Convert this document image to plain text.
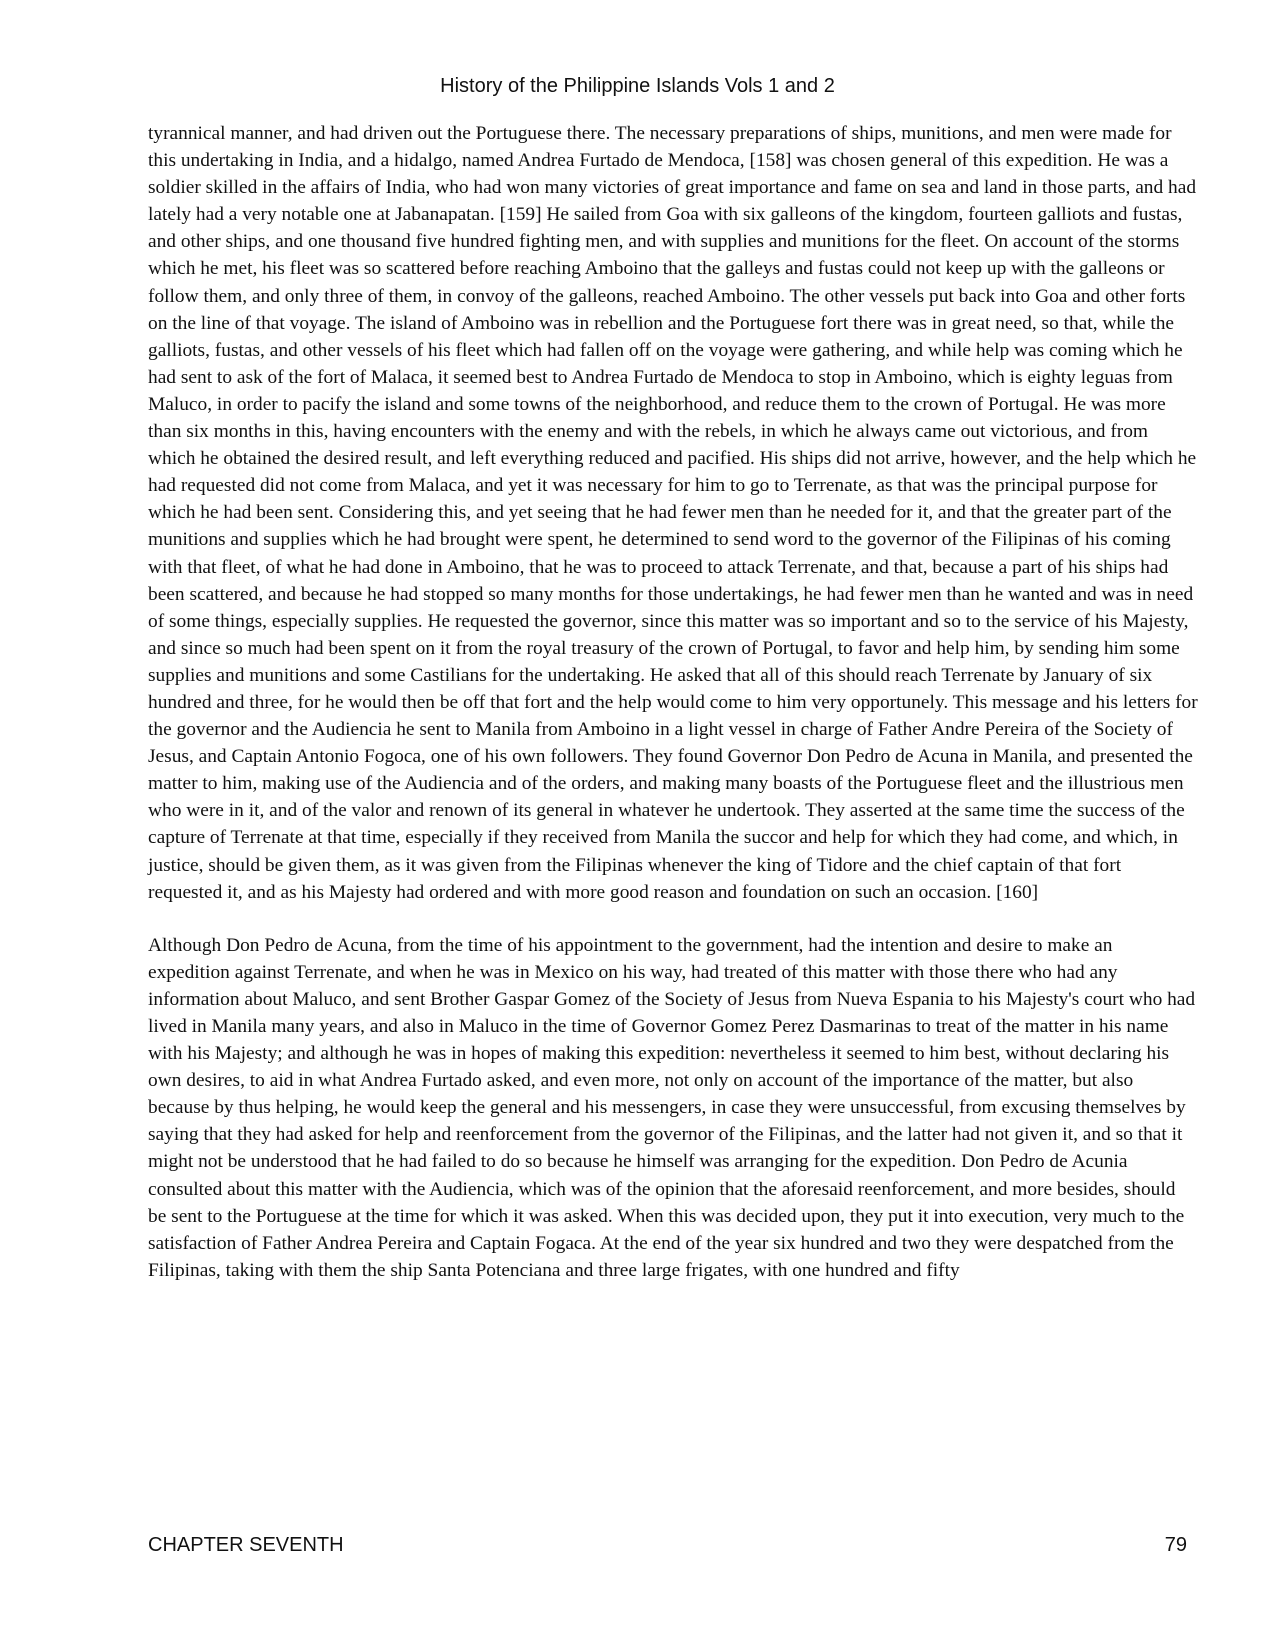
History of the Philippine Islands Vols 1 and 2

tyrannical manner, and had driven out the Portuguese there. The necessary preparations of ships, munitions, and men were made for this undertaking in India, and a hidalgo, named Andrea Furtado de Mendoca, [158] was chosen general of this expedition. He was a soldier skilled in the affairs of India, who had won many victories of great importance and fame on sea and land in those parts, and had lately had a very notable one at Jabanapatan. [159] He sailed from Goa with six galleons of the kingdom, fourteen galliots and fustas, and other ships, and one thousand five hundred fighting men, and with supplies and munitions for the fleet. On account of the storms which he met, his fleet was so scattered before reaching Amboino that the galleys and fustas could not keep up with the galleons or follow them, and only three of them, in convoy of the galleons, reached Amboino. The other vessels put back into Goa and other forts on the line of that voyage. The island of Amboino was in rebellion and the Portuguese fort there was in great need, so that, while the galliots, fustas, and other vessels of his fleet which had fallen off on the voyage were gathering, and while help was coming which he had sent to ask of the fort of Malaca, it seemed best to Andrea Furtado de Mendoca to stop in Amboino, which is eighty leguas from Maluco, in order to pacify the island and some towns of the neighborhood, and reduce them to the crown of Portugal. He was more than six months in this, having encounters with the enemy and with the rebels, in which he always came out victorious, and from which he obtained the desired result, and left everything reduced and pacified. His ships did not arrive, however, and the help which he had requested did not come from Malaca, and yet it was necessary for him to go to Terrenate, as that was the principal purpose for which he had been sent. Considering this, and yet seeing that he had fewer men than he needed for it, and that the greater part of the munitions and supplies which he had brought were spent, he determined to send word to the governor of the Filipinas of his coming with that fleet, of what he had done in Amboino, that he was to proceed to attack Terrenate, and that, because a part of his ships had been scattered, and because he had stopped so many months for those undertakings, he had fewer men than he wanted and was in need of some things, especially supplies. He requested the governor, since this matter was so important and so to the service of his Majesty, and since so much had been spent on it from the royal treasury of the crown of Portugal, to favor and help him, by sending him some supplies and munitions and some Castilians for the undertaking. He asked that all of this should reach Terrenate by January of six hundred and three, for he would then be off that fort and the help would come to him very opportunely. This message and his letters for the governor and the Audiencia he sent to Manila from Amboino in a light vessel in charge of Father Andre Pereira of the Society of Jesus, and Captain Antonio Fogoca, one of his own followers. They found Governor Don Pedro de Acuna in Manila, and presented the matter to him, making use of the Audiencia and of the orders, and making many boasts of the Portuguese fleet and the illustrious men who were in it, and of the valor and renown of its general in whatever he undertook. They asserted at the same time the success of the capture of Terrenate at that time, especially if they received from Manila the succor and help for which they had come, and which, in justice, should be given them, as it was given from the Filipinas whenever the king of Tidore and the chief captain of that fort requested it, and as his Majesty had ordered and with more good reason and foundation on such an occasion. [160]

Although Don Pedro de Acuna, from the time of his appointment to the government, had the intention and desire to make an expedition against Terrenate, and when he was in Mexico on his way, had treated of this matter with those there who had any information about Maluco, and sent Brother Gaspar Gomez of the Society of Jesus from Nueva Espania to his Majesty's court who had lived in Manila many years, and also in Maluco in the time of Governor Gomez Perez Dasmarinas to treat of the matter in his name with his Majesty; and although he was in hopes of making this expedition: nevertheless it seemed to him best, without declaring his own desires, to aid in what Andrea Furtado asked, and even more, not only on account of the importance of the matter, but also because by thus helping, he would keep the general and his messengers, in case they were unsuccessful, from excusing themselves by saying that they had asked for help and reenforcement from the governor of the Filipinas, and the latter had not given it, and so that it might not be understood that he had failed to do so because he himself was arranging for the expedition. Don Pedro de Acunia consulted about this matter with the Audiencia, which was of the opinion that the aforesaid reenforcement, and more besides, should be sent to the Portuguese at the time for which it was asked. When this was decided upon, they put it into execution, very much to the satisfaction of Father Andrea Pereira and Captain Fogaca. At the end of the year six hundred and two they were despatched from the Filipinas, taking with them the ship Santa Potenciana and three large frigates, with one hundred and fifty

CHAPTER SEVENTH	79
